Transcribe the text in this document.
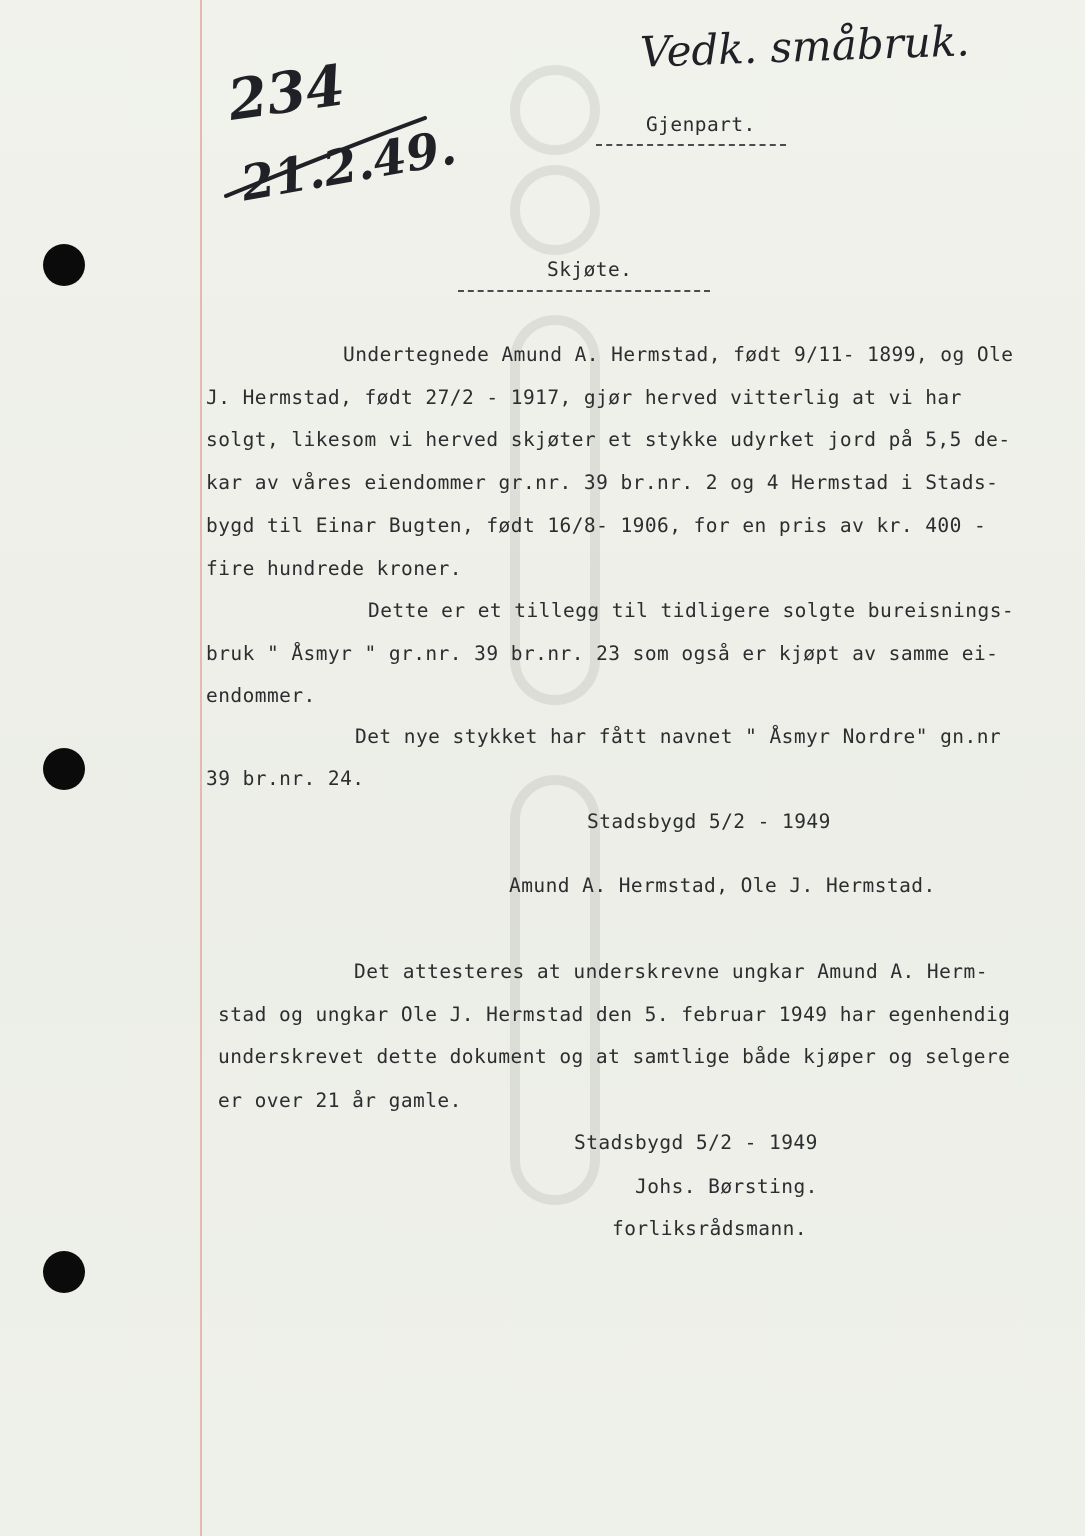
Vedk. småbruk.
234
21.2.49.	Gjenpart.
Skjøte.
Undertegnede Amund A. Hermstad, født 9/11- 1899, og Ole
J. Hermstad, født 27/2 - 1917, gjør herved vitterlig at vi har
solgt, likesom vi herved skjøter et stykke udyrket jord på 5,5 de-
kar av våres eiendommer gr.nr. 39 br.nr. 2 og 4 Hermstad i Stads-
bygd til Einar Bugten, født 16/8- 1906, for en pris av kr. 400 -
fire hundrede kroner.
Dette er et tillegg til tidligere solgte bureisnings-
bruk " Åsmyr " gr.nr. 39 br.nr. 23 som også er kjøpt av samme ei-
endommer.
Det nye stykket har fått navnet " Åsmyr Nordre" gn.nr
39 br.nr. 24.
Stadsbygd 5/2 - 1949
Amund A. Hermstad, Ole J. Hermstad.
Det attesteres at underskrevne ungkar Amund A. Herm-
stad og ungkar Ole J. Hermstad den 5. februar 1949 har egenhendig
underskrevet dette dokument og at samtlige både kjøper og selgere
er over 21 år gamle.
Stadsbygd 5/2 - 1949
Johs. Børsting.
forliksrådsmann.
